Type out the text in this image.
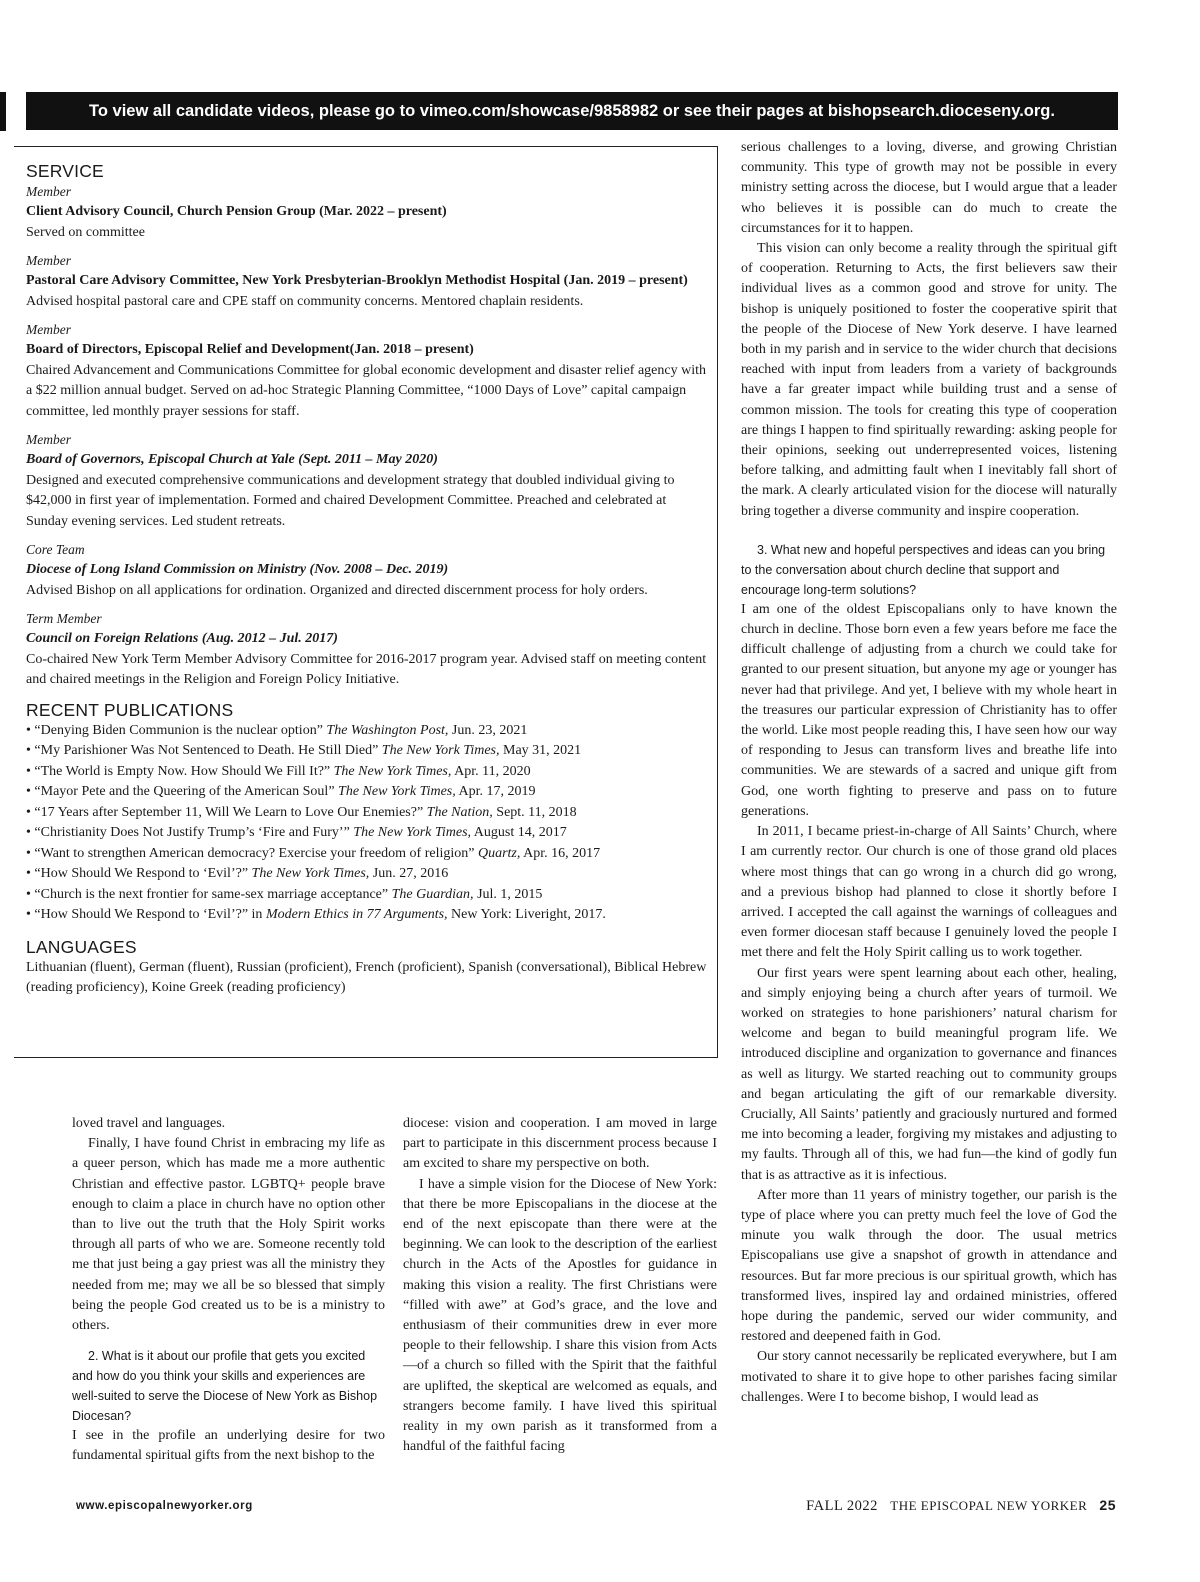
To view all candidate videos, please go to vimeo.com/showcase/9858982 or see their pages at bishopsearch.dioceseny.org.
SERVICE
Member
Client Advisory Council, Church Pension Group (Mar. 2022 – present)
Served on committee
Member
Pastoral Care Advisory Committee, New York Presbyterian-Brooklyn Methodist Hospital (Jan. 2019 – present)
Advised hospital pastoral care and CPE staff on community concerns. Mentored chaplain residents.
Member
Board of Directors, Episcopal Relief and Development(Jan. 2018 – present)
Chaired Advancement and Communications Committee for global economic development and disaster relief agency with a $22 million annual budget. Served on ad-hoc Strategic Planning Committee, “1000 Days of Love” capital campaign committee, led monthly prayer sessions for staff.
Member
Board of Governors, Episcopal Church at Yale (Sept. 2011 – May 2020)
Designed and executed comprehensive communications and development strategy that doubled individual giving to $42,000 in first year of implementation. Formed and chaired Development Committee. Preached and celebrated at Sunday evening services. Led student retreats.
Core Team
Diocese of Long Island Commission on Ministry (Nov. 2008 – Dec. 2019)
Advised Bishop on all applications for ordination. Organized and directed discernment process for holy orders.
Term Member
Council on Foreign Relations (Aug. 2012 – Jul. 2017)
Co-chaired New York Term Member Advisory Committee for 2016-2017 program year. Advised staff on meeting content and chaired meetings in the Religion and Foreign Policy Initiative.
RECENT PUBLICATIONS
• “Denying Biden Communion is the nuclear option” The Washington Post, Jun. 23, 2021
• “My Parishioner Was Not Sentenced to Death. He Still Died” The New York Times, May 31, 2021
• “The World is Empty Now. How Should We Fill It?” The New York Times, Apr. 11, 2020
• “Mayor Pete and the Queering of the American Soul” The New York Times, Apr. 17, 2019
• “17 Years after September 11, Will We Learn to Love Our Enemies?” The Nation, Sept. 11, 2018
• “Christianity Does Not Justify Trump’s ‘Fire and Fury’” The New York Times, August 14, 2017
• “Want to strengthen American democracy? Exercise your freedom of religion” Quartz, Apr. 16, 2017
• “How Should We Respond to ‘Evil’?” The New York Times, Jun. 27, 2016
• “Church is the next frontier for same-sex marriage acceptance” The Guardian, Jul. 1, 2015
• “How Should We Respond to ‘Evil’?” in Modern Ethics in 77 Arguments, New York: Liveright, 2017.
LANGUAGES
Lithuanian (fluent), German (fluent), Russian (proficient), French (proficient), Spanish (conversational), Biblical Hebrew (reading proficiency), Koine Greek (reading proficiency)

loved travel and languages.

Finally, I have found Christ in embracing my life as a queer person, which has made me a more authentic Christian and effective pastor. LGBTQ+ people brave enough to claim a place in church have no option other than to live out the truth that the Holy Spirit works through all parts of who we are. Someone recently told me that just being a gay priest was all the ministry they needed from me; may we all be so blessed that simply being the people God created us to be is a ministry to others.

2. What is it about our profile that gets you excited and how do you think your skills and experiences are well-suited to serve the Diocese of New York as Bishop Diocesan?

I see in the profile an underlying desire for two fundamental spiritual gifts from the next bishop to the

diocese: vision and cooperation. I am moved in large part to participate in this discernment process because I am excited to share my perspective on both.

I have a simple vision for the Diocese of New York: that there be more Episcopalians in the diocese at the end of the next episcopate than there were at the beginning. We can look to the description of the earliest church in the Acts of the Apostles for guidance in making this vision a reality. The first Christians were “filled with awe” at God’s grace, and the love and enthusiasm of their communities drew in ever more people to their fellowship. I share this vision from Acts—of a church so filled with the Spirit that the faithful are uplifted, the skeptical are welcomed as equals, and strangers become family. I have lived this spiritual reality in my own parish as it transformed from a handful of the faithful facing

serious challenges to a loving, diverse, and growing Christian community. This type of growth may not be possible in every ministry setting across the diocese, but I would argue that a leader who believes it is possible can do much to create the circumstances for it to happen.

This vision can only become a reality through the spiritual gift of cooperation. Returning to Acts, the first believers saw their individual lives as a common good and strove for unity. The bishop is uniquely positioned to foster the cooperative spirit that the people of the Diocese of New York deserve. I have learned both in my parish and in service to the wider church that decisions reached with input from leaders from a variety of backgrounds have a far greater impact while building trust and a sense of common mission. The tools for creating this type of cooperation are things I happen to find spiritually rewarding: asking people for their opinions, seeking out underrepresented voices, listening before talking, and admitting fault when I inevitably fall short of the mark. A clearly articulated vision for the diocese will naturally bring together a diverse community and inspire cooperation.

3. What new and hopeful perspectives and ideas can you bring to the conversation about church decline that support and encourage long-term solutions?

I am one of the oldest Episcopalians only to have known the church in decline. Those born even a few years before me face the difficult challenge of adjusting from a church we could take for granted to our present situation, but anyone my age or younger has never had that privilege. And yet, I believe with my whole heart in the treasures our particular expression of Christianity has to offer the world. Like most people reading this, I have seen how our way of responding to Jesus can transform lives and breathe life into communities. We are stewards of a sacred and unique gift from God, one worth fighting to preserve and pass on to future generations.

In 2011, I became priest-in-charge of All Saints’ Church, where I am currently rector. Our church is one of those grand old places where most things that can go wrong in a church did go wrong, and a previous bishop had planned to close it shortly before I arrived. I accepted the call against the warnings of colleagues and even former diocesan staff because I genuinely loved the people I met there and felt the Holy Spirit calling us to work together.

Our first years were spent learning about each other, healing, and simply enjoying being a church after years of turmoil. We worked on strategies to hone parishioners’ natural charism for welcome and began to build meaningful program life. We introduced discipline and organization to governance and finances as well as liturgy. We started reaching out to community groups and began articulating the gift of our remarkable diversity. Crucially, All Saints’ patiently and graciously nurtured and formed me into becoming a leader, forgiving my mistakes and adjusting to my faults. Through all of this, we had fun—the kind of godly fun that is as attractive as it is infectious.

After more than 11 years of ministry together, our parish is the type of place where you can pretty much feel the love of God the minute you walk through the door. The usual metrics Episcopalians use give a snapshot of growth in attendance and resources. But far more precious is our spiritual growth, which has transformed lives, inspired lay and ordained ministries, offered hope during the pandemic, served our wider community, and restored and deepened faith in God.

Our story cannot necessarily be replicated everywhere, but I am motivated to share it to give hope to other parishes facing similar challenges. Were I to become bishop, I would lead as

www.episcopalnewyorker.org	FALL 2022 THE EPISCOPAL NEW YORKER 25
